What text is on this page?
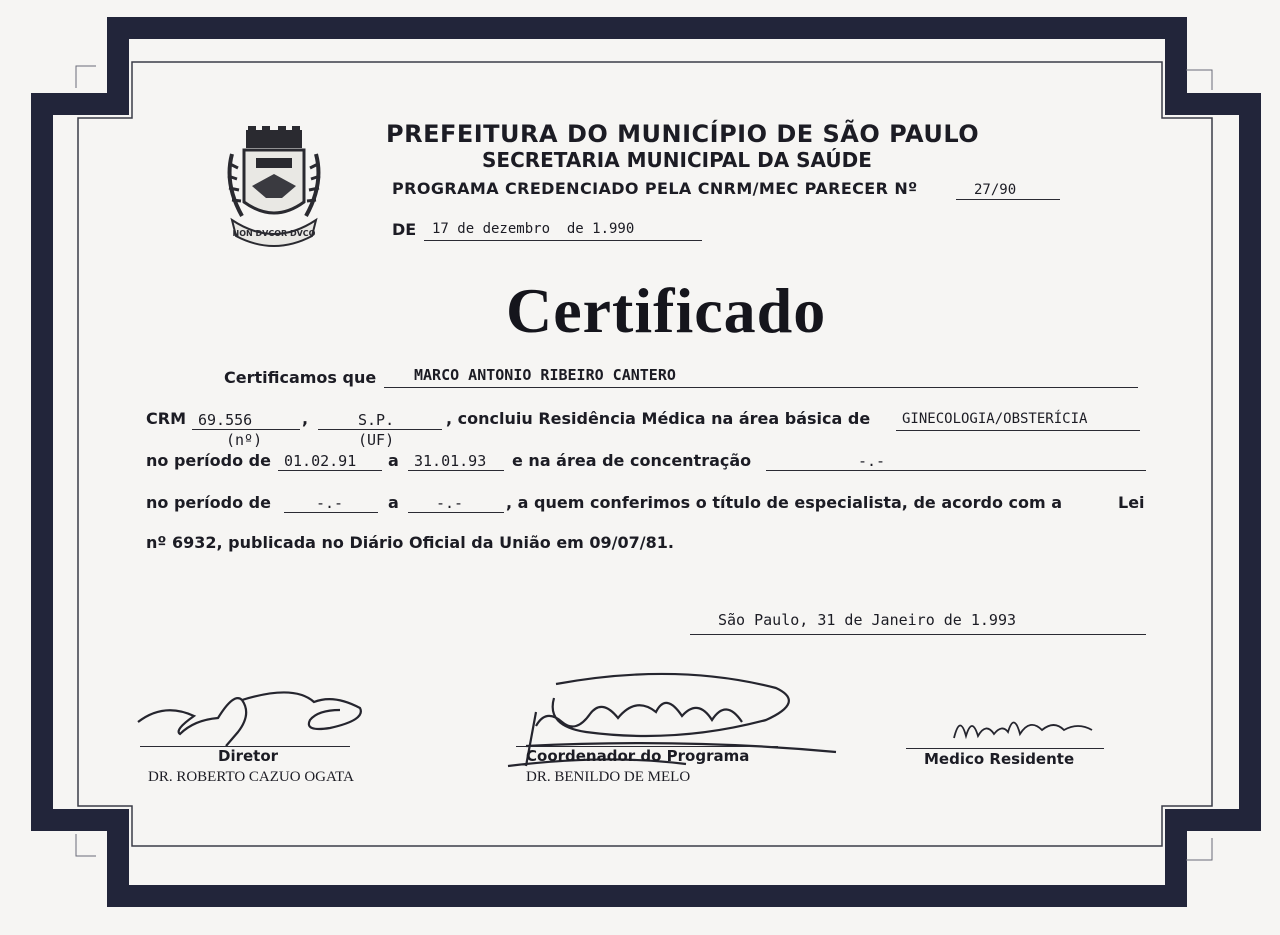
NON DVCOR DVCO
PREFEITURA DO MUNICÍPIO DE SÃO PAULO
SECRETARIA MUNICIPAL DA SAÚDE
PROGRAMA CREDENCIADO PELA CNRM/MEC PARECER Nº	27/90
DE 17 de dezembro  de 1.990
Certificado
Certificamos que	MARCO ANTONIO RIBEIRO CANTERO
CRM 69.556	,	S.P.	, concluiu Residência Médica na área básica de GINECOLOGIA/OBSTERÍCIA
(nº)	(UF)
no período de 01.02.91 a 31.01.93 e na área de concentração	-.-
no período de	-.-	a -.-	, a quem conferimos o título de especialista, de acordo com a	Lei
nº 6932, publicada no Diário Oficial da União em 09/07/81.
São Paulo, 31 de Janeiro de 1.993
Diretor
DR. ROBERTO CAZUO OGATA
Coordenador do Programa
DR. BENILDO DE MELO
Medico Residente
